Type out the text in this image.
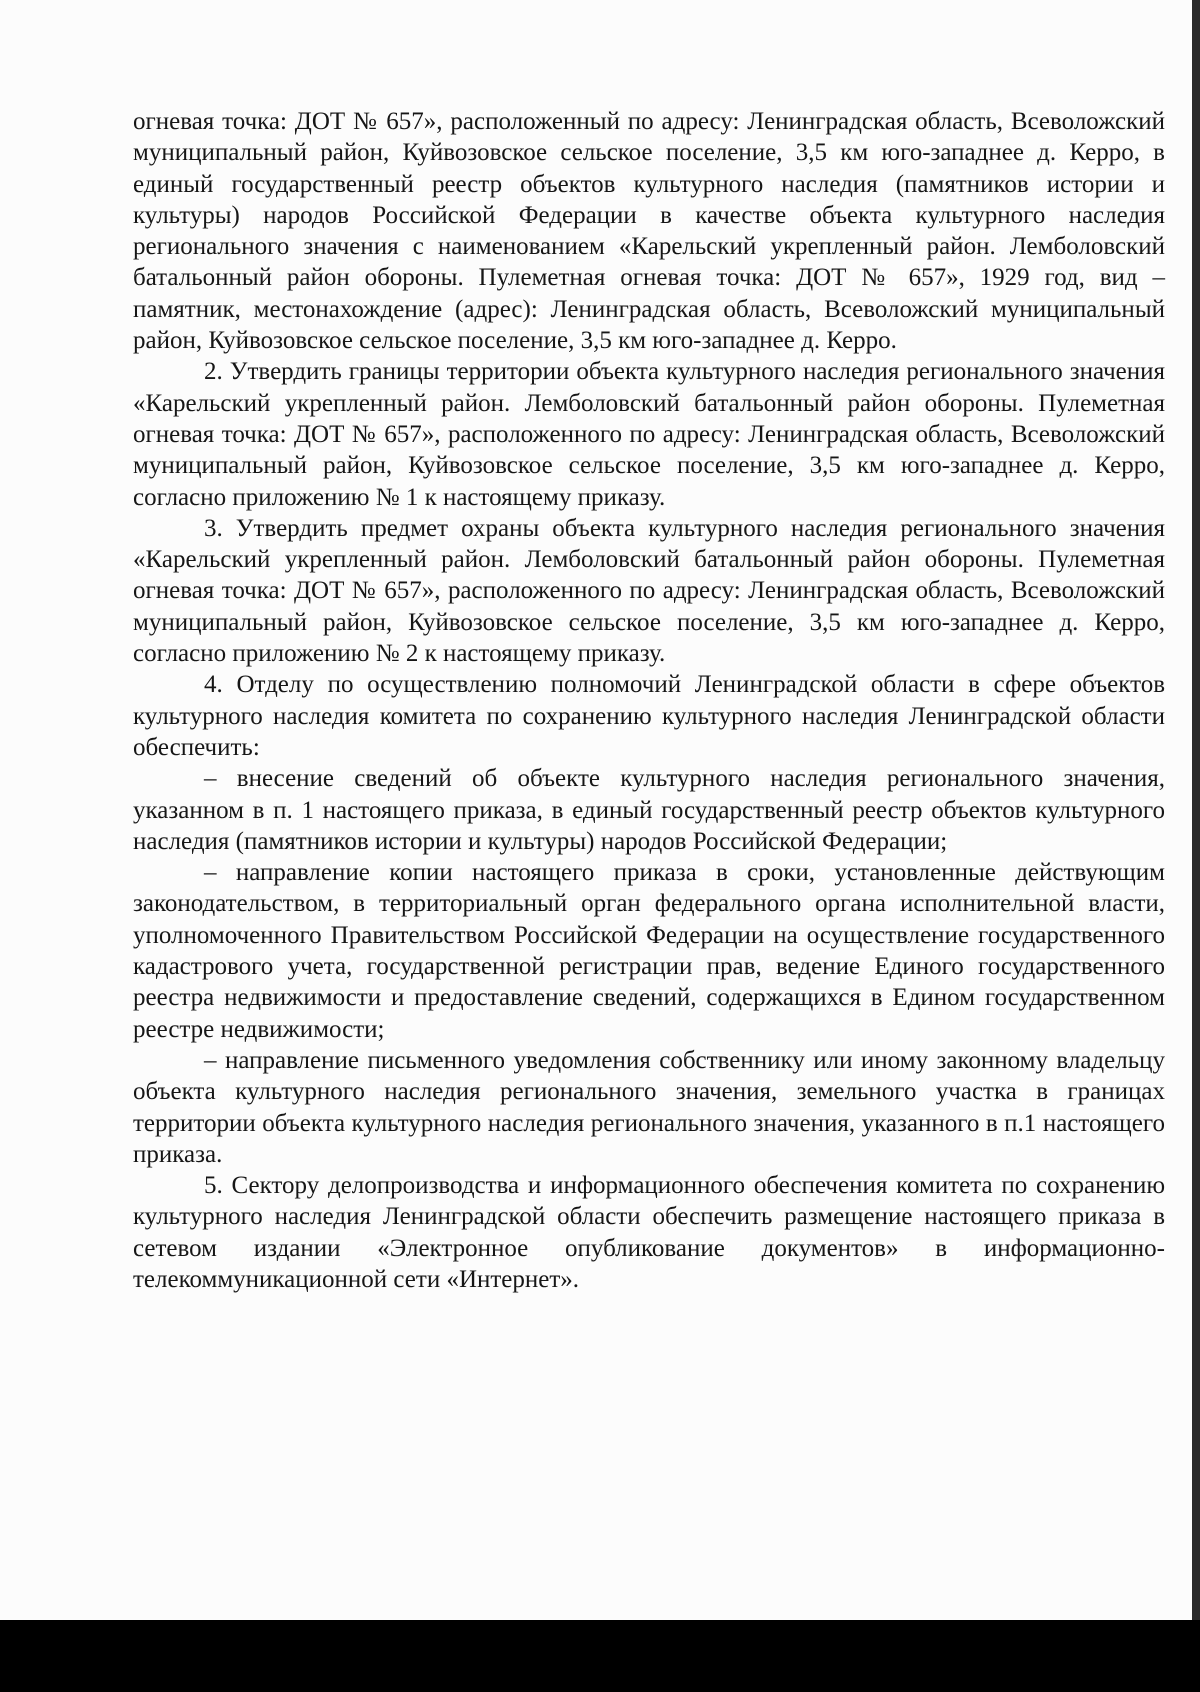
огневая точка: ДОТ № 657», расположенный по адресу: Ленинградская область, Всеволожский муниципальный район, Куйвозовское сельское поселение, 3,5 км юго-западнее д. Керро, в единый государственный реестр объектов культурного наследия (памятников истории и культуры) народов Российской Федерации в качестве объекта культурного наследия регионального значения с наименованием «Карельский укрепленный район. Лемболовский батальонный район обороны. Пулеметная огневая точка: ДОТ № 657», 1929 год, вид – памятник, местонахождение (адрес): Ленинградская область, Всеволожский муниципальный район, Куйвозовское сельское поселение, 3,5 км юго-западнее д. Керро.

2. Утвердить границы территории объекта культурного наследия регионального значения «Карельский укрепленный район. Лемболовский батальонный район обороны. Пулеметная огневая точка: ДОТ № 657», расположенного по адресу: Ленинградская область, Всеволожский муниципальный район, Куйвозовское сельское поселение, 3,5 км юго-западнее д. Керро, согласно приложению № 1 к настоящему приказу.

3. Утвердить предмет охраны объекта культурного наследия регионального значения «Карельский укрепленный район. Лемболовский батальонный район обороны. Пулеметная огневая точка: ДОТ № 657», расположенного по адресу: Ленинградская область, Всеволожский муниципальный район, Куйвозовское сельское поселение, 3,5 км юго-западнее д. Керро, согласно приложению № 2 к настоящему приказу.

4. Отделу по осуществлению полномочий Ленинградской области в сфере объектов культурного наследия комитета по сохранению культурного наследия Ленинградской области обеспечить:

– внесение сведений об объекте культурного наследия регионального значения, указанном в п. 1 настоящего приказа, в единый государственный реестр объектов культурного наследия (памятников истории и культуры) народов Российской Федерации;

– направление копии настоящего приказа в сроки, установленные действующим законодательством, в территориальный орган федерального органа исполнительной власти, уполномоченного Правительством Российской Федерации на осуществление государственного кадастрового учета, государственной регистрации прав, ведение Единого государственного реестра недвижимости и предоставление сведений, содержащихся в Едином государственном реестре недвижимости;

– направление письменного уведомления собственнику или иному законному владельцу объекта культурного наследия регионального значения, земельного участка в границах территории объекта культурного наследия регионального значения, указанного в п.1 настоящего приказа.

5. Сектору делопроизводства и информационного обеспечения комитета по сохранению культурного наследия Ленинградской области обеспечить размещение настоящего приказа в сетевом издании «Электронное опубликование документов» в информационно-телекоммуникационной сети «Интернет».
